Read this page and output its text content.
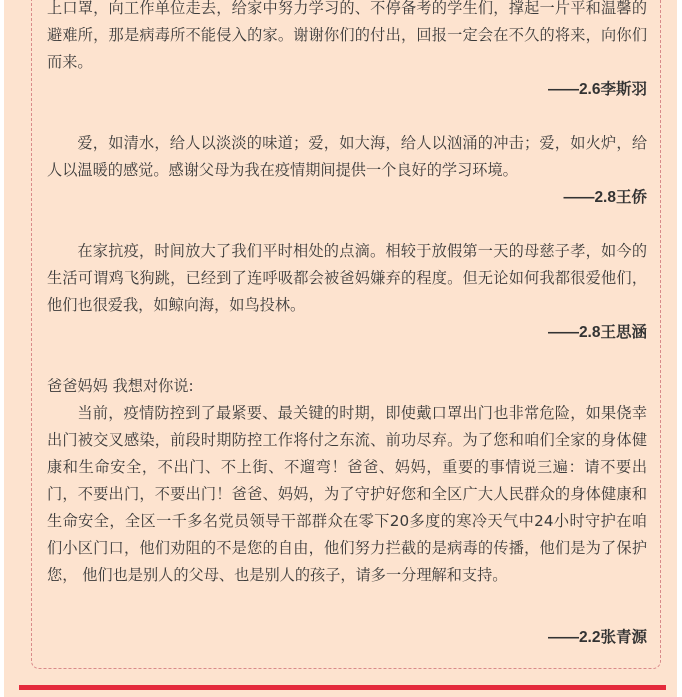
上口罩，向工作单位走去，给家中努力学习的、不停备考的学生们，撑起一片平和温馨的避难所，那是病毒所不能侵入的家。谢谢你们的付出，回报一定会在不久的将来，向你们而来。

——2.6李斯羽

爱，如清水，给人以淡淡的味道；爱，如大海，给人以汹涌的冲击；爱，如火炉，给人以温暖的感觉。感谢父母为我在疫情期间提供一个良好的学习环境。

——2.8王侨

在家抗疫，时间放大了我们平时相处的点滴。相较于放假第一天的母慈子孝，如今的生活可谓鸡飞狗跳，已经到了连呼吸都会被爸妈嫌弃的程度。但无论如何我都很爱他们，他们也很爱我，如鲸向海，如鸟投林。

——2.8王思涵

爸爸妈妈 我想对你说:

当前，疫情防控到了最紧要、最关键的时期，即使戴口罩出门也非常危险，如果侥幸出门被交叉感染，前段时期防控工作将付之东流、前功尽弃。为了您和咱们全家的身体健康和生命安全，不出门、不上街、不遛弯！爸爸、妈妈，重要的事情说三遍：请不要出门，不要出门，不要出门！爸爸、妈妈，为了守护好您和全区广大人民群众的身体健康和生命安全，全区一千多名党员领导干部群众在零下20多度的寒冷天气中24小时守护在咱们小区门口，他们劝阻的不是您的自由，他们努力拦截的是病毒的传播，他们是为了保护您， 他们也是别人的父母、也是别人的孩子，请多一分理解和支持。

——2.2张青源
